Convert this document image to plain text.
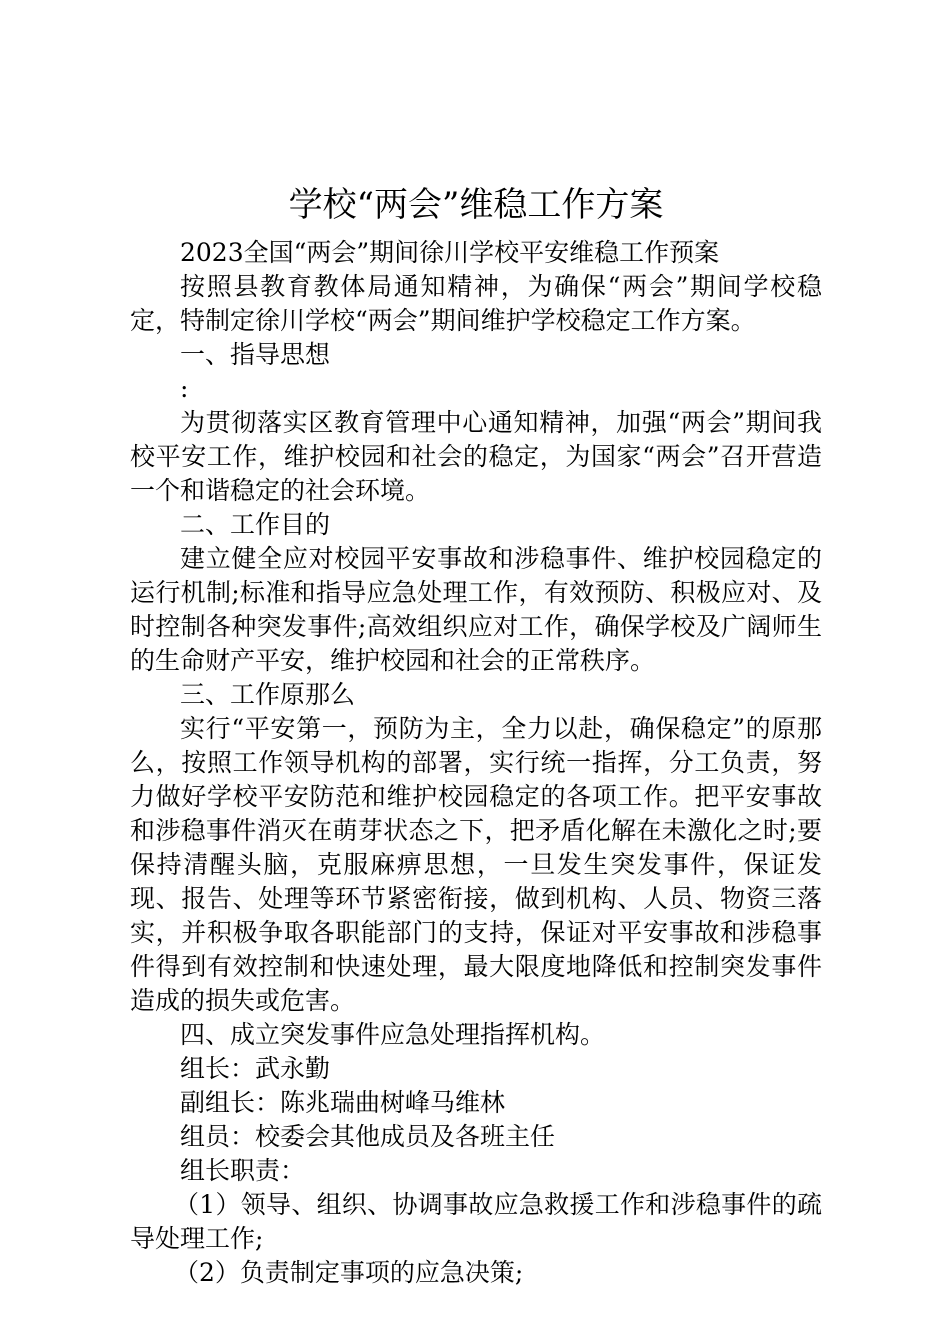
学校“两会”维稳工作方案

2023全国“两会”期间徐川学校平安维稳工作预案

按照县教育教体局通知精神，为确保“两会”期间学校稳定，特制定徐川学校“两会”期间维护学校稳定工作方案。

一、指导思想

:

为贯彻落实区教育管理中心通知精神，加强“两会”期间我校平安工作，维护校园和社会的稳定，为国家“两会”召开营造一个和谐稳定的社会环境。

二、工作目的

建立健全应对校园平安事故和涉稳事件、维护校园稳定的运行机制;标准和指导应急处理工作，有效预防、积极应对、及时控制各种突发事件;高效组织应对工作，确保学校及广阔师生的生命财产平安，维护校园和社会的正常秩序。

三、工作原那么

实行“平安第一，预防为主，全力以赴，确保稳定”的原那么，按照工作领导机构的部署，实行统一指挥，分工负责，努力做好学校平安防范和维护校园稳定的各项工作。把平安事故和涉稳事件消灭在萌芽状态之下，把矛盾化解在未激化之时;要保持清醒头脑，克服麻痹思想，一旦发生突发事件，保证发现、报告、处理等环节紧密衔接，做到机构、人员、物资三落实，并积极争取各职能部门的支持，保证对平安事故和涉稳事件得到有效控制和快速处理，最大限度地降低和控制突发事件造成的损失或危害。

四、成立突发事件应急处理指挥机构。

组长：武永勤

副组长：陈兆瑞曲树峰马维林

组员：校委会其他成员及各班主任

组长职责：

（1）领导、组织、协调事故应急救援工作和涉稳事件的疏导处理工作;

（2）负责制定事项的应急决策;
